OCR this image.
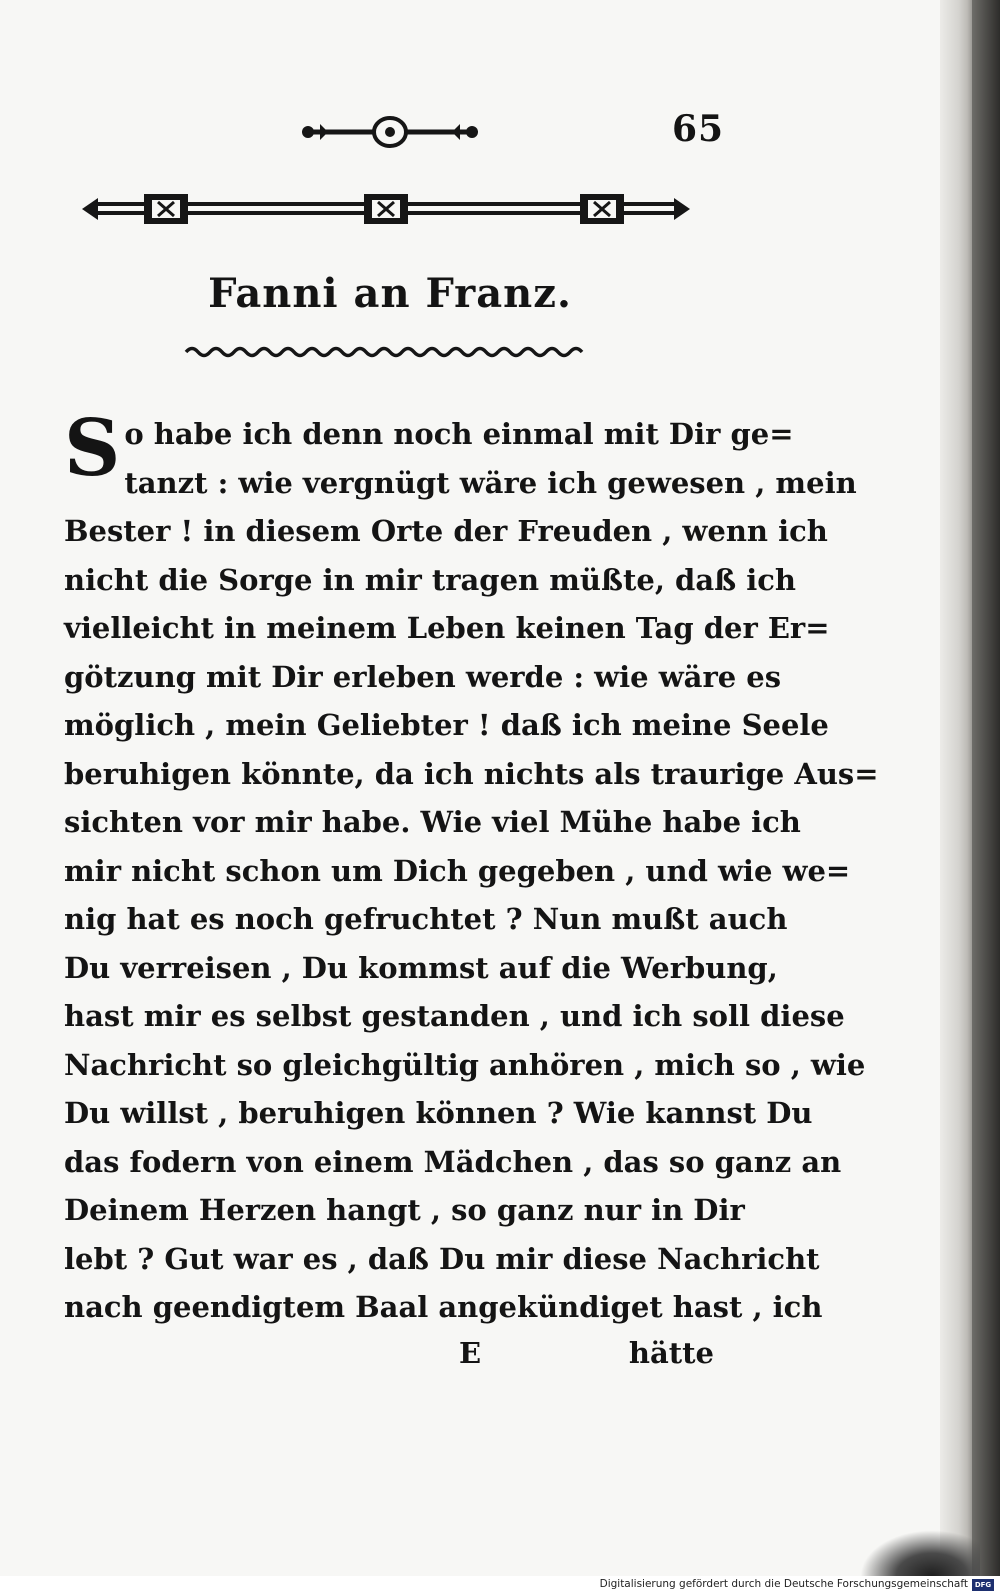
65
Fanni an Franz.
S o habe ich denn noch einmal mit Dir ge=
tanzt : wie vergnügt wäre ich gewesen , mein
Bester ! in diesem Orte der Freuden , wenn ich
nicht die Sorge in mir tragen müßte, daß ich
vielleicht in meinem Leben keinen Tag der Er=
götzung mit Dir erleben werde : wie wäre es
möglich , mein Geliebter ! daß ich meine Seele
beruhigen könnte, da ich nichts als traurige Aus=
sichten vor mir habe. Wie viel Mühe habe ich
mir nicht schon um Dich gegeben , und wie we=
nig hat es noch gefruchtet ? Nun mußt auch
Du verreisen , Du kommst auf die Werbung,
hast mir es selbst gestanden , und ich soll diese
Nachricht so gleichgültig anhören , mich so , wie
Du willst , beruhigen können ? Wie kannst Du
das fodern von einem Mädchen , das so ganz an
Deinem Herzen hangt , so ganz nur in Dir
lebt ? Gut war es , daß Du mir diese Nachricht
nach geendigtem Baal angekündiget hast , ich
E	hätte
Digitalisierung gefördert durch die Deutsche Forschungsgemeinschaft DFG
